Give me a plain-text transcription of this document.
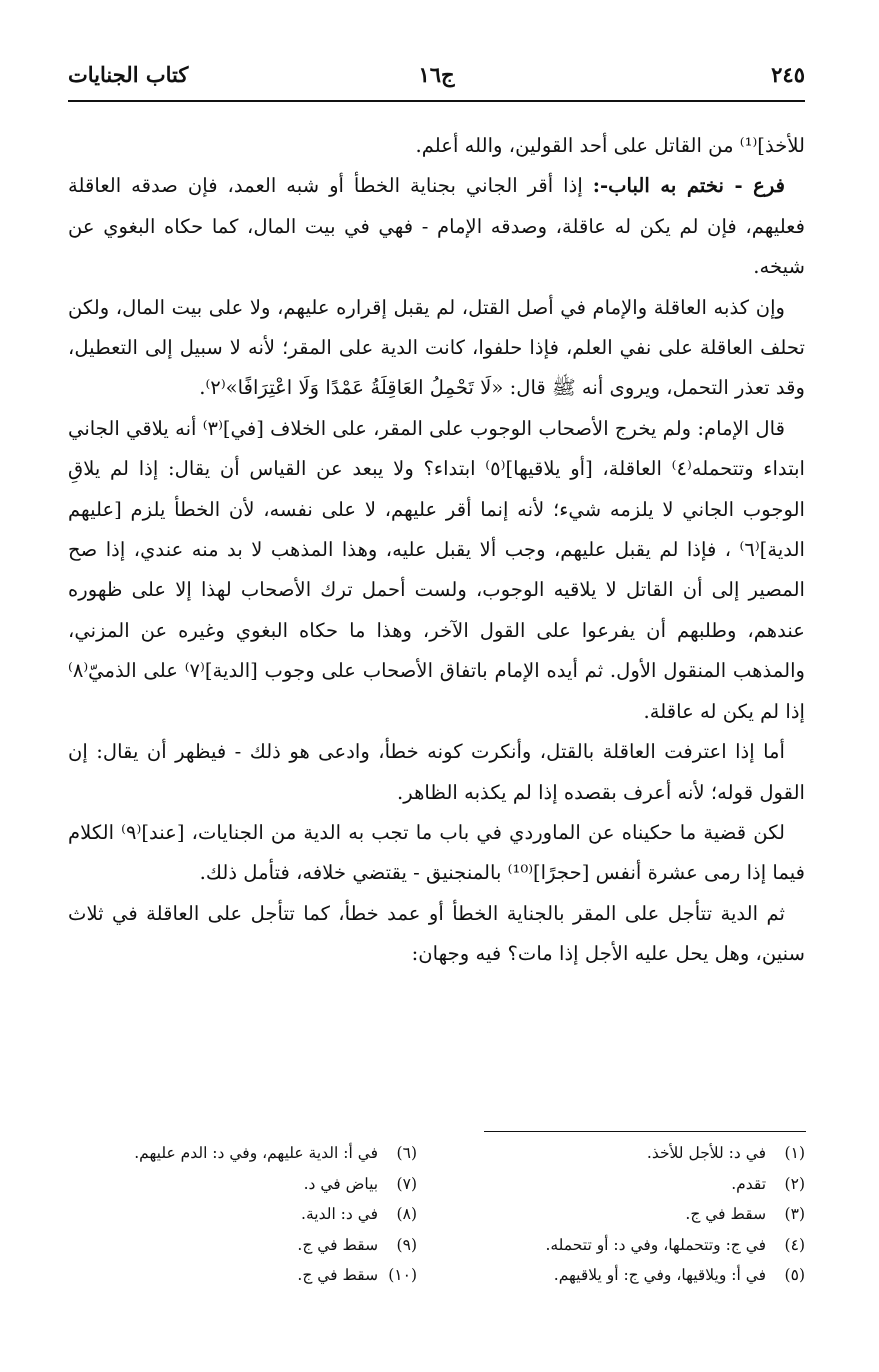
٢٤٥
ج١٦
كتاب الجنايات

للأخذ]⁽¹⁾ من القاتل على أحد القولين، والله أعلم.

فرع - نختم به الباب-: إذا أقر الجاني بجناية الخطأ أو شبه العمد، فإن صدقه العاقلة فعليهم، فإن لم يكن له عاقلة، وصدقه الإمام - فهي في بيت المال، كما حكاه البغوي عن شيخه.

وإن كذبه العاقلة والإمام في أصل القتل، لم يقبل إقراره عليهم، ولا على بيت المال، ولكن تحلف العاقلة على نفي العلم، فإذا حلفوا، كانت الدية على المقر؛ لأنه لا سبيل إلى التعطيل، وقد تعذر التحمل، ويروى أنه ﷺ قال: «لَا تَحْمِلُ العَاقِلَةُ عَمْدًا وَلَا اعْتِرَافًا»⁽٢⁾.

قال الإمام: ولم يخرج الأصحاب الوجوب على المقر، على الخلاف [في]⁽٣⁾ أنه يلاقي الجاني ابتداء وتتحمله⁽٤⁾ العاقلة، [أو يلاقيها]⁽٥⁾ ابتداء؟ ولا يبعد عن القياس أن يقال: إذا لم يلاقِ الوجوب الجاني لا يلزمه شيء؛ لأنه إنما أقر عليهم، لا على نفسه، لأن الخطأ يلزم [عليهم الدية]⁽٦⁾ ، فإذا لم يقبل عليهم، وجب ألا يقبل عليه، وهذا المذهب لا بد منه عندي، إذا صح المصير إلى أن القاتل لا يلاقيه الوجوب، ولست أحمل ترك الأصحاب لهذا إلا على ظهوره عندهم، وطلبهم أن يفرعوا على القول الآخر، وهذا ما حكاه البغوي وغيره عن المزني، والمذهب المنقول الأول. ثم أيده الإمام باتفاق الأصحاب على وجوب [الدية]⁽٧⁾ على الذميّ⁽٨⁾ إذا لم يكن له عاقلة.

أما إذا اعترفت العاقلة بالقتل، وأنكرت كونه خطأ، وادعى هو ذلك - فيظهر أن يقال: إن القول قوله؛ لأنه أعرف بقصده إذا لم يكذبه الظاهر.

لكن قضية ما حكيناه عن الماوردي في باب ما تجب به الدية من الجنايات، [عند]⁽٩⁾ الكلام فيما إذا رمى عشرة أنفس [حجرًا]⁽¹⁰⁾ بالمنجنيق - يقتضي خلافه، فتأمل ذلك.

ثم الدية تتأجل على المقر بالجناية الخطأ أو عمد خطأ، كما تتأجل على العاقلة في ثلاث سنين، وهل يحل عليه الأجل إذا مات؟ فيه وجهان:

(١) في د: للأجل للأخذ.
(٢) تقدم.
(٣) سقط في ج.
(٤) في ج: وتتحملها، وفي د: أو تتحمله.
(٥) في أ: ويلاقيها، وفي ج: أو يلاقيهم.
(٦) في أ: الدية عليهم، وفي د: الدم عليهم.
(٧) بياض في د.
(٨) في د: الدية.
(٩) سقط في ج.
(١٠) سقط في ج.
